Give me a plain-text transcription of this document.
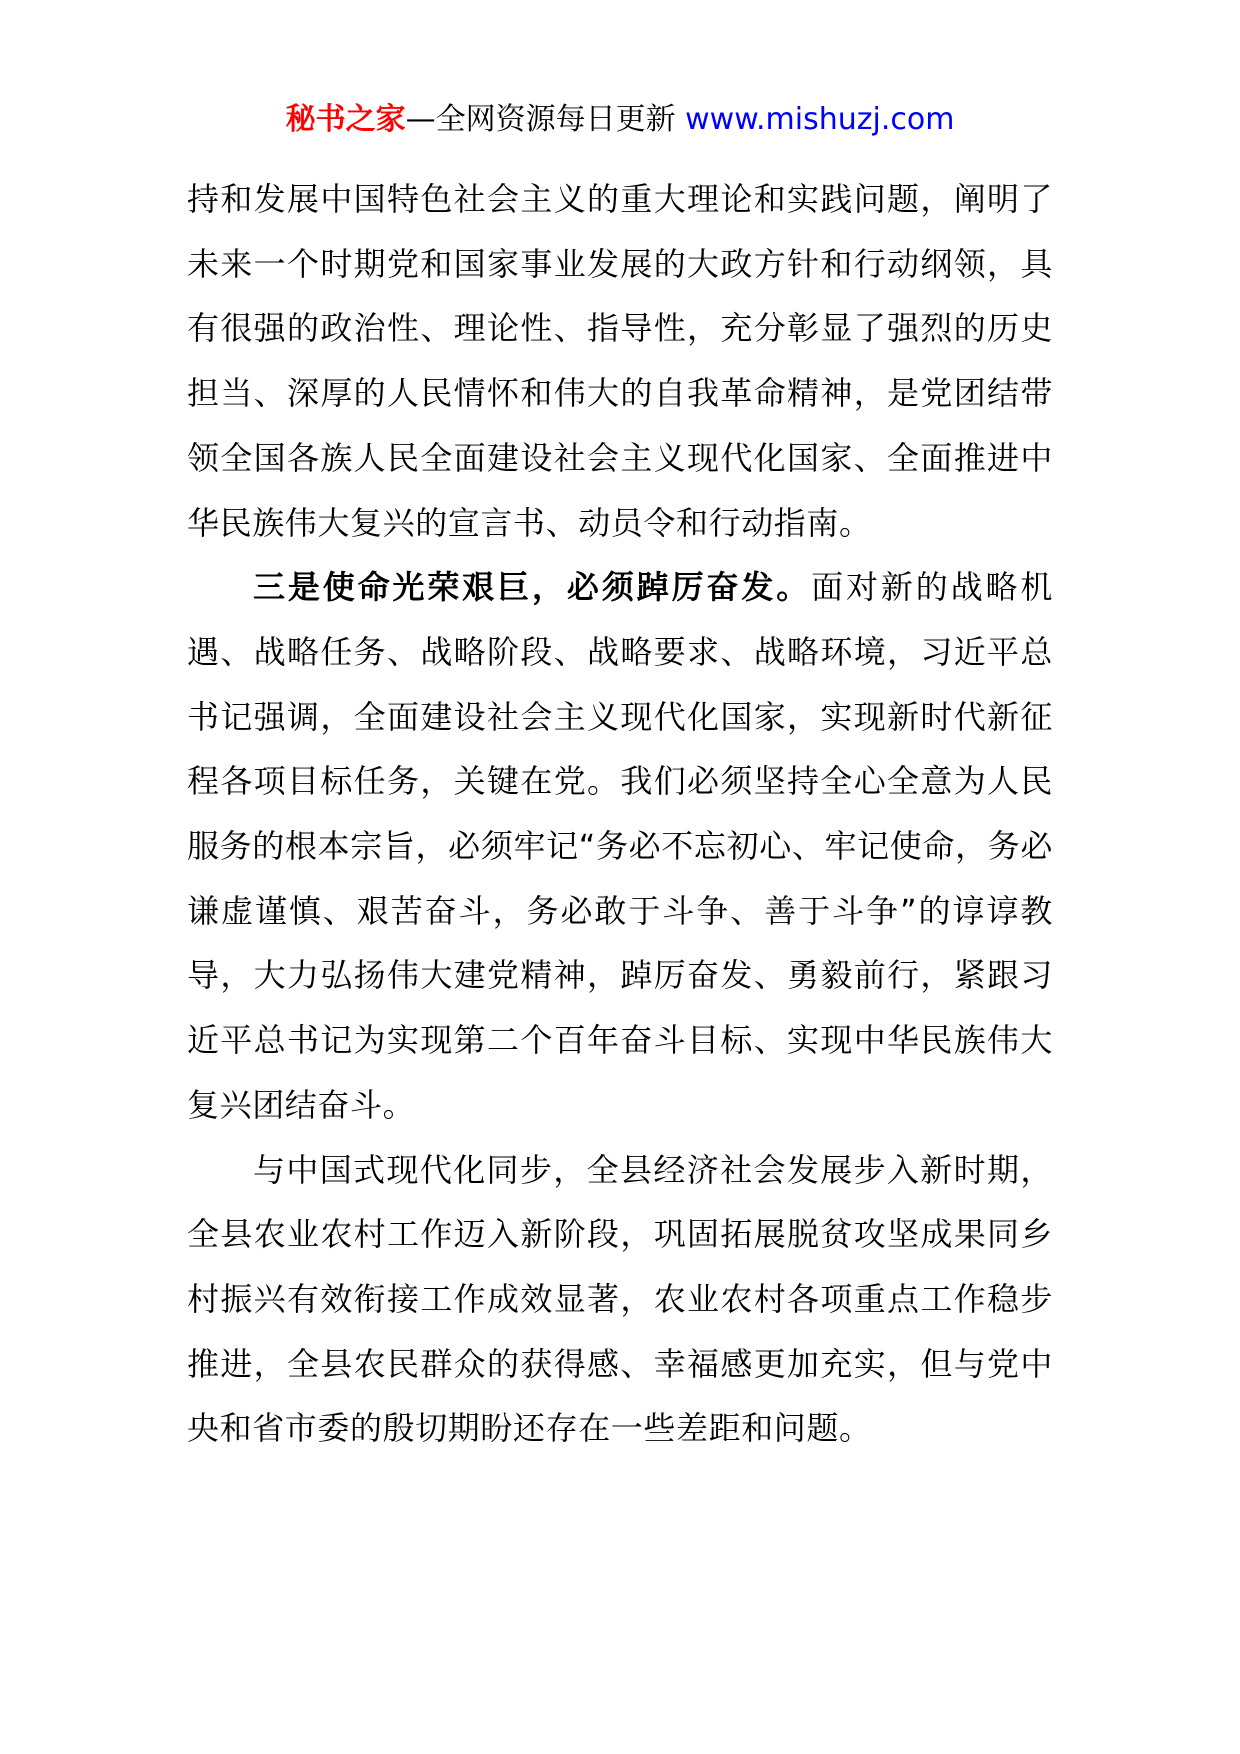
秘书之家—全网资源每日更新 www.mishuzj.com

持和发展中国特色社会主义的重大理论和实践问题，阐明了未来一个时期党和国家事业发展的大政方针和行动纲领，具有很强的政治性、理论性、指导性，充分彰显了强烈的历史担当、深厚的人民情怀和伟大的自我革命精神，是党团结带领全国各族人民全面建设社会主义现代化国家、全面推进中华民族伟大复兴的宣言书、动员令和行动指南。

三是使命光荣艰巨，必须踔厉奋发。面对新的战略机遇、战略任务、战略阶段、战略要求、战略环境，习近平总书记强调，全面建设社会主义现代化国家，实现新时代新征程各项目标任务，关键在党。我们必须坚持全心全意为人民服务的根本宗旨，必须牢记“务必不忘初心、牢记使命，务必谦虚谨慎、艰苦奋斗，务必敢于斗争、善于斗争”的谆谆教导，大力弘扬伟大建党精神，踔厉奋发、勇毅前行，紧跟习近平总书记为实现第二个百年奋斗目标、实现中华民族伟大复兴团结奋斗。

与中国式现代化同步，全县经济社会发展步入新时期，全县农业农村工作迈入新阶段，巩固拓展脱贫攻坚成果同乡村振兴有效衔接工作成效显著，农业农村各项重点工作稳步推进，全县农民群众的获得感、幸福感更加充实，但与党中央和省市委的殷切期盼还存在一些差距和问题。
